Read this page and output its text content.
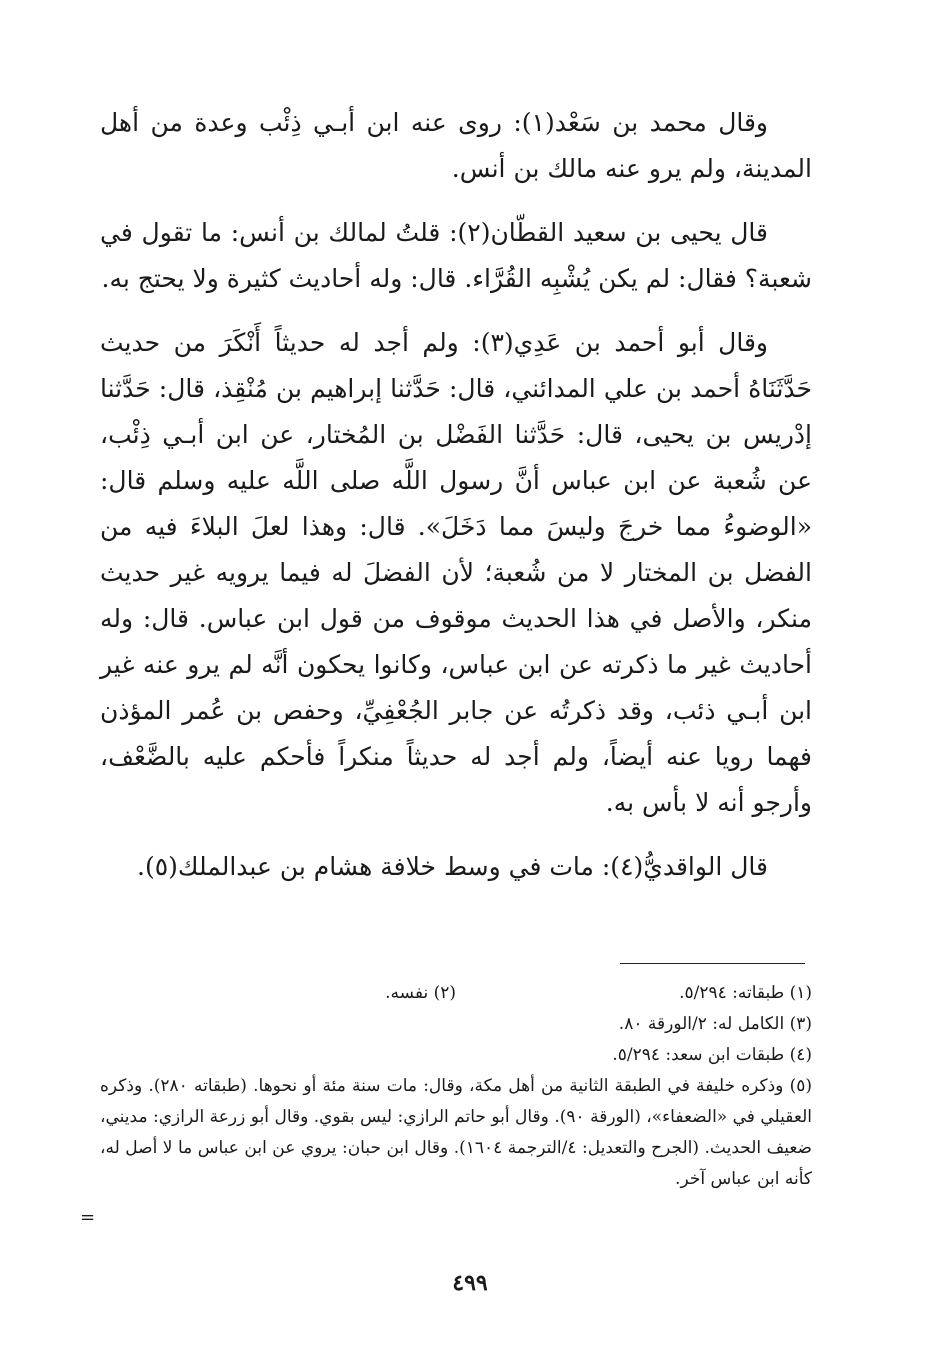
وقال محمد بن سَعْد(١): روى عنه ابن أبـي ذِئْب وعدة من أهل المدينة، ولم يرو عنه مالك بن أنس.

قال يحيى بن سعيد القطّان(٢): قلتُ لمالك بن أنس: ما تقول في شعبة؟ فقال: لم يكن يُشْبِه القُرَّاء. قال: وله أحاديث كثيرة ولا يحتج به.

وقال أبو أحمد بن عَدِي(٣): ولم أجد له حديثاً أَنْكَرَ من حديث حَدَّثَنَاهُ أحمد بن علي المدائني، قال: حَدَّثنا إبراهيم بن مُنْقِذ، قال: حَدَّثنا إدْريس بن يحيى، قال: حَدَّثنا الفَضْل بن المُختار، عن ابن أبـي ذِئْب، عن شُعبة عن ابن عباس أنَّ رسول اللَّه صلى اللَّه عليه وسلم قال: «الوضوءُ مما خرجَ وليسَ مما دَخَلَ». قال: وهذا لعلَ البلاءَ فيه من الفضل بن المختار لا من شُعبة؛ لأن الفضلَ له فيما يرويه غير حديث منكر، والأصل في هذا الحديث موقوف من قول ابن عباس. قال: وله أحاديث غير ما ذكرته عن ابن عباس، وكانوا يحكون أنَّه لم يرو عنه غير ابن أبـي ذئب، وقد ذكرتُه عن جابر الجُعْفِيِّ، وحفص بن عُمر المؤذن فهما رويا عنه أيضاً، ولم أجد له حديثاً منكراً فأحكم عليه بالضَّعْف، وأرجو أنه لا بأس به.

قال الواقديُّ(٤): مات في وسط خلافة هشام بن عبدالملك(٥).

(١) طبقاته: ٥/٢٩٤.
(٢) نفسه.

(٣) الكامل له: ٢/الورقة ٨٠.

(٤) طبقات ابن سعد: ٥/٢٩٤.

(٥) وذكره خليفة في الطبقة الثانية من أهل مكة، وقال: مات سنة مئة أو نحوها. (طبقاته ٢٨٠). وذكره العقيلي في «الضعفاء»، (الورقة ٩٠). وقال أبو حاتم الرازي: ليس بقوي. وقال أبو زرعة الرازي: مديني، ضعيف الحديث. (الجرح والتعديل: ٤/الترجمة ١٦٠٤). وقال ابن حبان: يروي عن ابن عباس ما لا أصل له، كأنه ابن عباس آخر.

=
٤٩٩
